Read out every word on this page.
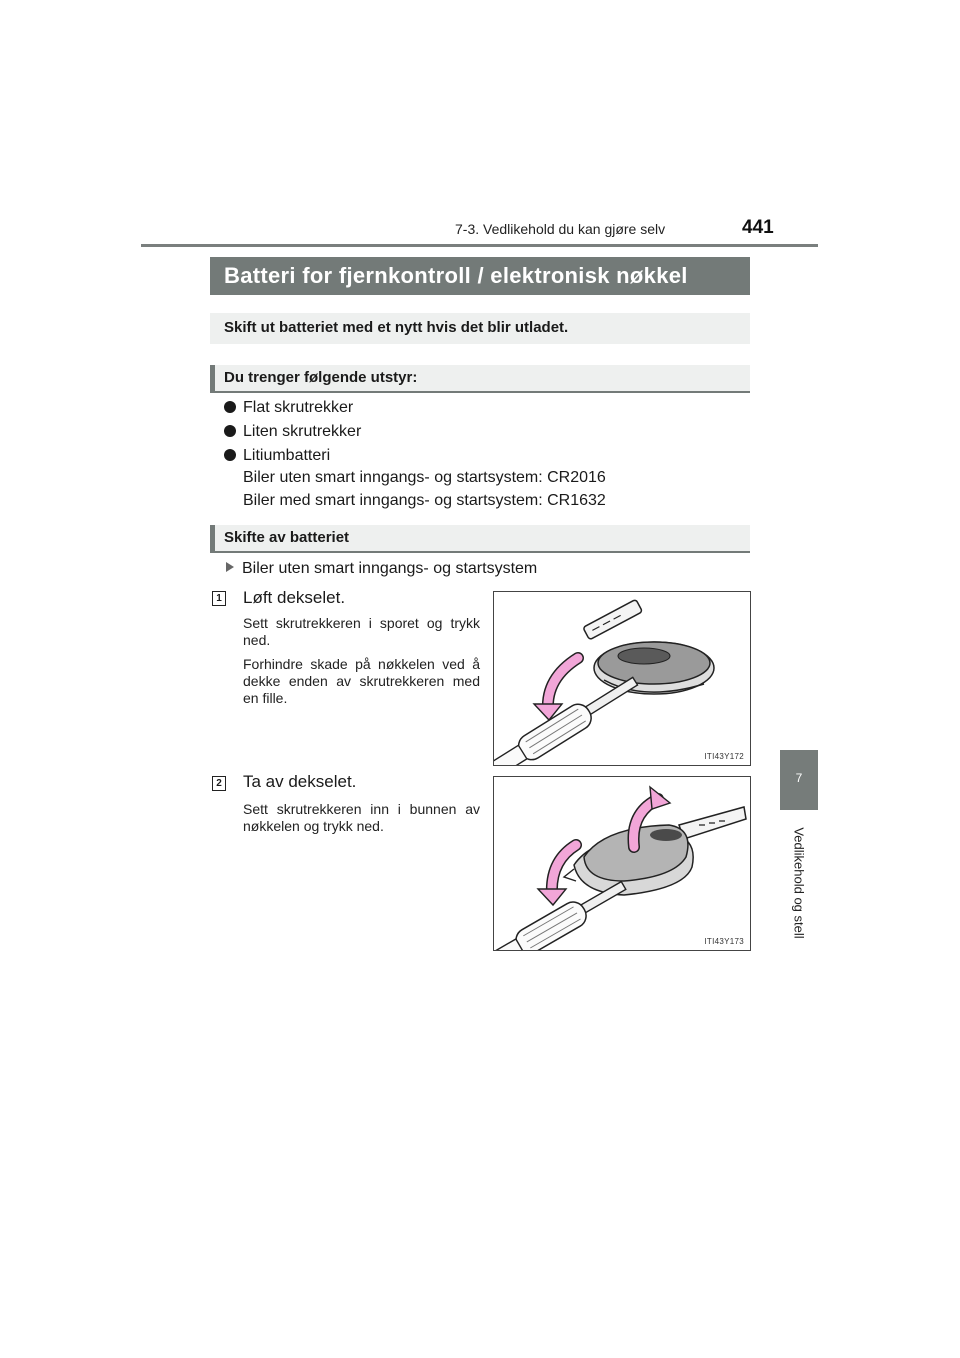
7-3. Vedlikehold du kan gjøre selv	441
7
Vedlikehold og stell
Batteri for fjernkontroll / elektronisk nøkkel
Skift ut batteriet med et nytt hvis det blir utladet.
Du trenger følgende utstyr:
Flat skrutrekker
Liten skrutrekker
Litiumbatteri
Biler uten smart inngangs- og startsystem: CR2016
Biler med smart inngangs- og startsystem: CR1632
Skifte av batteriet
Biler uten smart inngangs- og startsystem
1 Løft dekselet.
Sett skrutrekkeren i sporet og trykk ned.
Forhindre skade på nøkkelen ved å dekke enden av skrutrekkeren med en fille.
ITI43Y172
2 Ta av dekselet.
Sett skrutrekkeren inn i bunnen av nøkkelen og trykk ned.
ITI43Y173
